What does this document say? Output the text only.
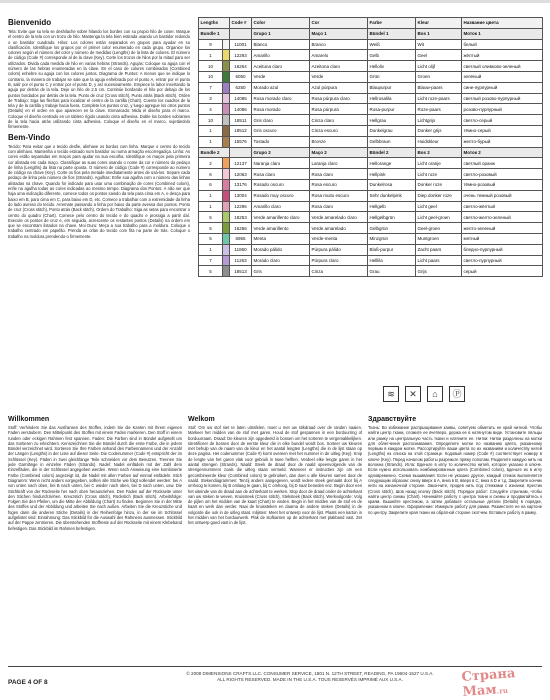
Bienvenido

Tela: Evite que su tela se deshilache sobre hilando los bordes con su propio hilo de coser. Marque el centro de la tela con un trozo de hilo. Mantenga la tela bien estirada usando un bastidor redondo o un bastidor cuadrado. Hilos: Los colores están separados en grupos para ayudar en su clasificación. Identifique los grupos por el primer color enumerado en cada grupo. Organice los colores según el número del color y número de medidas (Lengths) de la lista de colores. El número de código (Code #) corresponde al de la clave (Key). Corte los trozos de hilos por la mitad para ser utilizados. Divida cada medida de hilo en varias hebras (Strands). Agujas: Coloque su aguja con el número de las hebras enumeradas en la clave. En el caso de colores combinados (Combined colors) enhebre su aguja con los colores juntos. Diagrama de Puntos: A menos que se indique lo contrario, la manera de trabajar se sale que la aguja enhebrada por el punto A, entrar por el punto B, salir por el punto C y entrar por el punto D, y así sucesivamente. Empiece la labor insertando la aguja por detrás de la tela. Deje un hilo de 2.5 cm. Continúe bordando el hilo por debajo de los puntos bordados por detrás de la tela. Punto de cruz (Cross stitch), Punto atrás (Back stitch). Orden de Trabajo: Siga las flechas para localizar el centro de la cartilla (Chart). Cuente los cuadros de la tela y de la cartilla y trabaje hacia fuera. Complete los puntos cruz, y luego agregue los otros puntos (Details) en el orden en que aparecen en la clave. Enmarcado: Mida el diseño para el marco. Coloque el diseño centrado en un tablero rígido usando cinta adhesiva. Doble los bordes sobrantes de la tela hacia atrás utilizando cinta adhesiva. Coloque el diseño en el marco, sujetándolo firmemente.

Bem-Vindo

Tecido: Para evitar que o tecido desfie, alinhave os bordos com linha. Marque o centro do tecido com alinhavo. Mantenha o tecido esticado num bastidor ou numa armação escorregadiça. Linha: As cores estão separadas em maços para ajudar na sua escolha. Identifique os maços pela primeira cor alistada em cada maço. Classifique as suas cores usando o nome da cor e número do pedaço de linha (Lengths) da lista na parte oposta. O número de código (Code #) corresponde ao número de código na chave (Key). Corte os fios pela metade imediatamente antes de usá-los. Separe cada pedaço de linha pelo número de fios (Strands). Agulhas: Enfie sua agulha com o número das linhas alistadas na chave. Quando for indicado para usar uma combinação de cores (Combined colors), enfie na agulha todas as cores indicadas ao mesmo tempo. Diagrama dos Pontos: A não ser que haja uma indicação diferente, comece todos os pontos saindo da tela para cima em A, e desça para baixo em B, para cima em C, para baixo em D, etc. Comece a trabalhar com a extremidade da linha do lado avesso do tecido. Arremate passando a linha por baixo da parte avessa dos pontos. Ponto de cruz (Cross stitch), Ponto atrás (Back stitch). Ordem do Trabalho: Siga as setas para encontrar o centro do quadro (Chart). Comece pelo centro do tecido e do quadro e prossiga a partir daí. Execute os pontos de cruz e, em seguida, acrescente os restantes pontos (Details) na ordem em que se encontram listados na chave. Moi Duru: Meça a sua trabalho para a moldura. Coloque o trabalho centrado em papelão. Prenda as orlas do tecido com fita na parte de trás. Coloque o trabalho na moldura prendendo-o firmemente.

Lengths		Code #	Color	Cor	Farbe	Kleur	Название цвета
Bundle 1			Grupo 1	Maço 1	Bündel 1	Bos 1	Моток 1
9		11001	Blanco	Branco	Weiß	Wit	белый
1		12293	Amarillo	Amarelo	Gelb	Geel	жёлтый
10		16264	Aceituna claro	Azeitona claro	Helloliv	Licht olijf	светлый оливково-зеленый
10		6050	Verde	Verde	Grün	Groen	зелёный
7		6250	Morado azul	Azul púrpura	Blaupurpur	Blauw-paars	сине-пурпурный
3		14085	Rosa morado claro	Rosa púrpura claro	Hellrosalila	Licht roze-paars	светлый розово-пурпурный
4		14086	Rosa morado	Rosa púrpura	Rosa-purpur	Roze-paars	розово-пурпурный
10		18511	Gris claro	Cinza claro	Hellgrau	Lichtgrijs	светло-серый
1		18512	Gris oscuro	Cinza escuro	Dunkelgrau	Donker grijs	тёмно-серый
1		15576	Tostado	Bronze	Gelbbraun	Huidskleur	желто-бурый
Bundle 2			Grupo 2	Maço 2	Bündel 2	Bos 2	Моток 2
2		12137	Naranja claro	Laranja claro	Hellorange	Licht oranje	светлый оранж
6		12063	Rosa claro	Rosa claro	Hellpink	Licht roze	светло-розовый
6		13176	Rosado oscuro	Rosa escuro	Dunkelrosa	Donker roze	тёмно-розовый
1		13004	Rosado muy oscuro	Rosa muito escuro	Sehr dunkelpink	Diep donker roze	очень темный розовый
1		12296	Amarillo claro	Rosa claro	Hellgelb	Licht geel	светло-жёлтый
5		18253	Verde amarillento claro	Verde amarelado claro	Hellgelbgrün	Licht geel-groen	светло-желто-зеленый
5		16256	Verde amarillento	Verde amarelado	Gelbgrün	Geel-groen	желто-зеленый
5		6955	Menta	Verde-menta	Minzgrün	Muntgroen	мятный
1		11860	Morado pálido	Púrpura pálido	Blaß-purpur	Zacht paars	бледно-пурпурный
7		11263	Morado claro	Púrpura claro	Helllila	Licht paars	светло-пурпурный
5		18513	Gris	Cinza	Grau	Grijs	серый
≋	✕	⌂	Ⓟ
Willkommen

Stoff: Verhindern Sie das Ausfransen des Stoffes, indem Sie die Kanten mit Ihrem eigenen Faden versäubern. Den Mittelpunkt des Stoffes mit einem Faden markieren. Den Stoff in einem runden oder eckigen Rahmen fest spannen. Faden: Die Farben sind in Bündel aufgeteilt um das Sortieren zu erleichtern. Kennzeichnen Sie die Bündel durch die erste Farbe, die in jedem Bündel verzeichnet wird. Sortieren Sie Ihre Farben anhand des Farbennamens und der Anzahl der Längen (Lengths) in der Liste auf dieser Seite. Die Codenummer (Code #) entspricht der im Schlüssel (Key). Fäden in zwei gleichlange Teile schneiden vor dem Benutzen. Trennen Sie jede Garnlänge in einzelne Fäden (Strands). Nadel: Nadel einfädeln mit der Zahl dem Einzelfäden, die in der Schlüssel angegeben werden. Wenn nach Anweisung eine kombinierte Farbe (Combined colors) angezeigt ist, die Nadel mit allen Farben auf einmal einfädeln. Stich Diagramm: Wenn nicht anders vorgegeben, sollten alle Stiche wie folgt vollendet werden: bei A von unten nach oben, bei B nach unten, bei C wieder nach oben, bei D nach unten, usw. Die Stichkraft von der Rückseite her nach oben herausziehen. Den Faden auf der Rückseite unter den Stichen hindurchziehen. Kreuzstich (Cross stitch), Rückstich (Back stitch). Arbeitsfolge: Folgen Sie den Pfeilen, um die Mitte der Abbildung (Chart) zu finden. Beginnen Sie in der Mitte des Stoffes und der Abbildung und arbeiten Sie nach außen. Arbeiten Sie die Kreuzstiche und fügen dann die anderen Stiche (Details) in der Reihenfolge hinzu, in der sie im Schlüssel aufgelistet sind. Einrahmung: Das Stickbild für die Auswahl des Rahmens ausmessen. Stickbild auf der Pappe zentrieren. Die überstehenden Stoffreste auf der Rückseite mit einem Klebeband befestigen. Das Stickbild im Rahmen befestigen.

Welkom

Stof: Om uw stof niet te laten uitrafelen, moet u met uw stikdraad over de randen naaien. Markeer het midden van de stof met garen. Houd de stof gespannen in een borduurring of borduurraam. Draad: De kleuren zijn opgedeeld in bossen om het sorteren te vergemakkelijken. Identificeer de bossen door de eerste kleur die in elke bundel wordt bos. Sorteer uw kleuren met behulp van de naam van de kleur en het aantal lengten (Lengths) die in de lijst staan op deze pagina. Het codenummer (Code #) komt overeen met het nummer in de uitleg (Key). Knip de lengte van het garen vlak voor gebruik in twee helften. Verdeel elke lengte garen in het aantal strengen (Strands). Naald: Steek de draad door de naald opeenvolgende van de strengennummers zoals die uitleg staan vermeld. Wanneer er instructies zijn om een gecombineerde kleur (Combined colors) te gebruiken, dan doet u alle kleuren samen door de naald. Stekendiagrammen: Tenzij anders aangegeven, wordt iedere steek gemaakt door bij A omhoog te komen, bij B omlaag te gaan, bij C omhoog, bij D naar beneden enz. Begin door een het uiteinde van de draad aan de achterkant te werken. Stop door de draad onder de achterkant van uw steken te weven. Kruissteek (Cross stitch), Steksteek (Back stitch). Werkvolgorde: Volg de pijlen om het midden van de kaart (Chart) te vinden. Begin in het midden van de stof en de kaart en werk dan verder. Naai de kruissteken en daarna de andere steken (Details) in de volgorde die ook in de uitleg staat. Inlijsten: Meet het ontwerp voor de lijst. Plaats een karton in het midden van het borduurwerk. Plak de stofkanten op de achterkant met plakband vast. Zet het ontwerp goed vast in de lijst.

Здравствуйте

Ткань: Во избежание распрыщивания канвы, советуем обметать ее край нитной. Чтобы найти центр ткани, сложите ее вчетверо, держа ее в натянутом виде. Установите пяльцы или рамку на центральную часть ткани и натяните ее. Нитки: Нитки разделены на мотки для облегчения распознавания. Определите мотки по названию цвета, указанному первым в каждом мотке. Рассортируйте ваши цвета по их названиям и количеству нитей (Lengths) из списка на этой странице. Кодовый номер (Code #) соответствует номеру в ключе (Key). Перед началом работы разрежьте пряжу пополам. Разделите каждую нить на волокна (Strands). Игла: Вденьте в иглу то количество нитей, которое указано в ключе. Если нужно использовать комбинированные цвета (Combined colors), вденьте их в иглу одновременно. Схема вышивания: Если не указано другое, каждый стежок выполняется следующим образом: снизу вверх в А, вниз в B, вверх в C, вниз в D и т.д. Закрепите кончик нити на изнаночной стороне. Закончите, продев нить под стежками с изнанки. Крестик (Cross stitch), Шов назад иголку (Back stitch). Порядок работ: Следуйте стрелкам, чтобы найти центр схемы (Chart). Начинайте работу с центра ткани и схемы и продвигайтесь к краям. Вышейте крестиком, а затем добавьте остальные детали (Details) в порядке, указанном в ключе. Оформление: Измерьте работу для рамки. Разместите ее на картоне по центру. Закрепите края ткани на обратной стороне скотчем. Вставьте работу в рамку.

PAGE 4 OF 8
© 2008 DIMENSIONS CRAFTS LLC. CONSUMER SERVICE, 1801 N. 12TH STREET, READING, PA 19604-1527 U.S.A.
ALL RIGHTS RESERVED. MADE IN THE U.S.A. TOUS RESERVÉS IMPRIMÉ AUX U.S.A.	Страна Мам.ru
